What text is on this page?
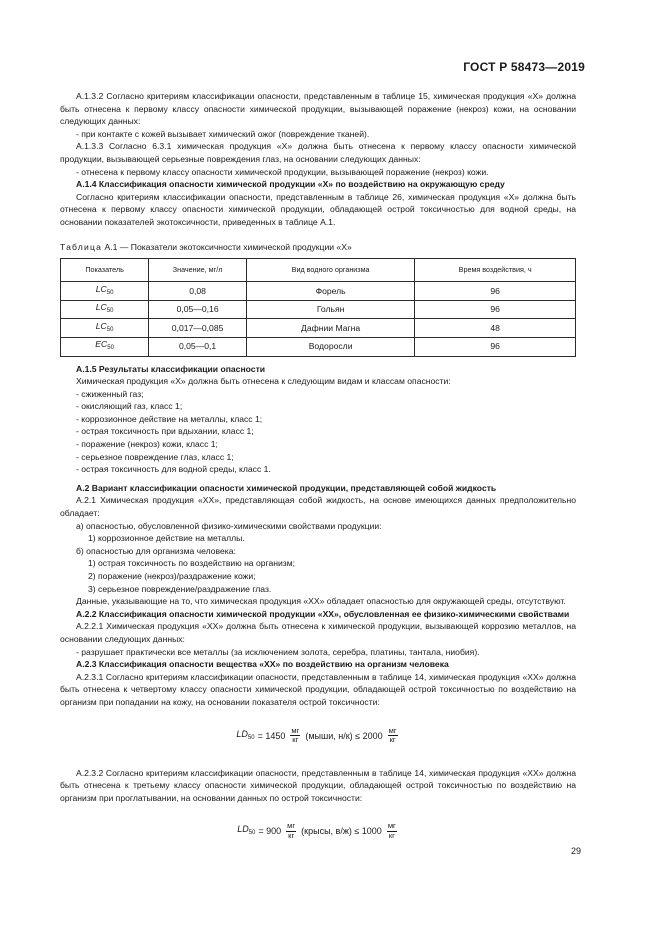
ГОСТ Р 58473—2019

А.1.3.2 Согласно критериям классификации опасности, представленным в таблице 15, химическая продукция «X» должна быть отнесена к первому классу опасности химической продукции, вызывающей поражение (некроз) кожи, на основании следующих данных:

- при контакте с кожей вызывает химический ожог (повреждение тканей).

А.1.3.3 Согласно 6.3.1 химическая продукция «X» должна быть отнесена к первому классу опасности химической продукции, вызывающей серьезные повреждения глаз, на основании следующих данных:

- отнесена к первому классу опасности химической продукции, вызывающей поражение (некроз) кожи.

А.1.4 Классификация опасности химической продукции «X» по воздействию на окружающую среду

Согласно критериям классификации опасности, представленным в таблице 26, химическая продукция «X» должна быть отнесена к первому классу опасности химической продукции, обладающей острой токсичностью для водной среды, на основании показателей экотоксичности, приведенных в таблице А.1.

Таблица А.1 — Показатели экотоксичности химической продукции «X»
Показатель	Значение, мг/л	Вид водного организма	Время воздействия, ч
$LC_{50}$	0,08	Форель	96
$LC_{50}$	0,05—0,16	Гольян	96
$LC_{50}$	0,017—0,085	Дафнии Магна	48
$EC_{50}$	0,05—0,1	Водоросли	96

А.1.5 Результаты классификации опасности

Химическая продукция «X» должна быть отнесена к следующим видам и классам опасности:

- сжиженный газ;

- окисляющий газ, класс 1;

- коррозионное действие на металлы, класс 1;

- острая токсичность при вдыхании, класс 1;

- поражение (некроз) кожи, класс 1;

- серьезное повреждение глаз, класс 1;

- острая токсичность для водной среды, класс 1.

А.2 Вариант классификации опасности химической продукции, представляющей собой жидкость

А.2.1 Химическая продукция «XX», представляющая собой жидкость, на основе имеющихся данных предположительно обладает:

а) опасностью, обусловленной физико-химическими свойствами продукции:

1) коррозионное действие на металлы.

б) опасностью для организма человека:

1) острая токсичность по воздействию на организм;

2) поражение (некроз)/раздражение кожи;

3) серьезное повреждение/раздражение глаз.

Данные, указывающие на то, что химическая продукция «XX» обладает опасностью для окружающей среды, отсутствуют.

А.2.2 Классификация опасности химической продукции «XX», обусловленная ее физико-химическими свойствами

А.2.2.1 Химическая продукция «XX» должна быть отнесена к химической продукции, вызывающей коррозию металлов, на основании следующих данных:

- разрушает практически все металлы (за исключением золота, серебра, платины, тантала, ниобия).

А.2.3 Классификация опасности вещества «XX» по воздействию на организм человека

А.2.3.1 Согласно критериям классификации опасности, представленным в таблице 14, химическая продукция «XX» должна быть отнесена к четвертому классу опасности химической продукции, обладающей острой токсичностью по воздействию на организм при попадании на кожу, на основании показателя острой токсичности:

$LD_{50} = 1450 \frac{мг}{кг}$ (мыши, $н/к) \le 2000 \frac{мг}{кг}$

А.2.3.2 Согласно критериям классификации опасности, представленным в таблице 14, химическая продукция «XX» должна быть отнесена к третьему классу опасности химической продукции, обладающей острой токсичностью по воздействию на организм при проглатывании, на основании данных по острой токсичности:

$LD_{50} = 900 \frac{мг}{кг}$ (крысы, $в/ж) \le 1000 \frac{мг}{кг}$
29
